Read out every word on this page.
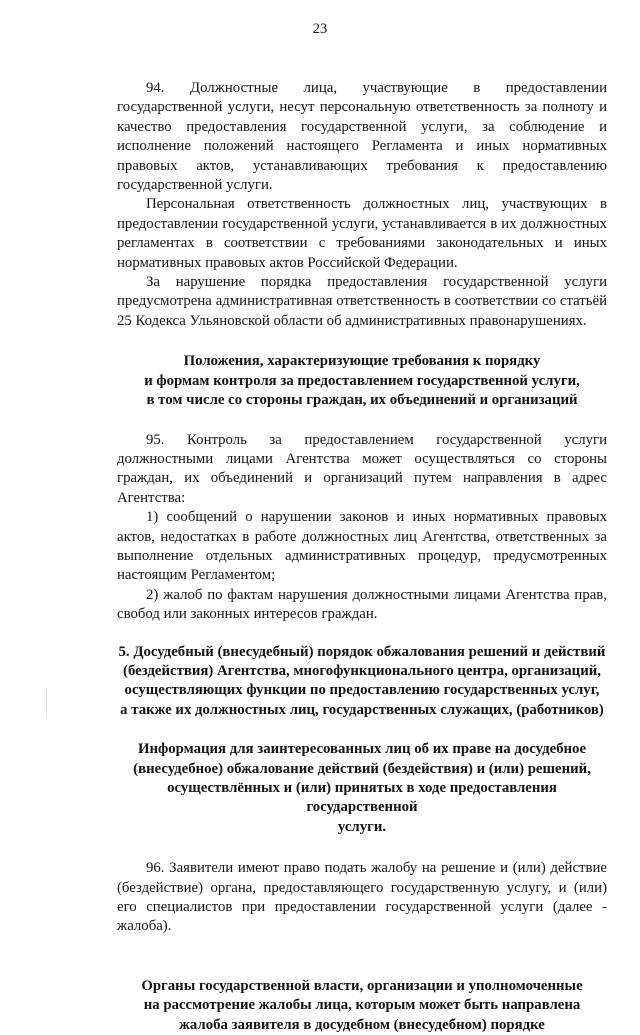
23

94. Должностные лица, участвующие в предоставлении государственной услуги, несут персональную ответственность за полноту и качество предоставления государственной услуги, за соблюдение и исполнение положений настоящего Регламента и иных нормативных правовых актов, устанавливающих требования к предоставлению государственной услуги.

Персональная ответственность должностных лиц, участвующих в предоставлении государственной услуги, устанавливается в их должностных регламентах в соответствии с требованиями законодательных и иных нормативных правовых актов Российской Федерации.

За нарушение порядка предоставления государственной услуги предусмотрена административная ответственность в соответствии со статьёй 25 Кодекса Ульяновской области об административных правонарушениях.

Положения, характеризующие требования к порядку
и формам контроля за предоставлением государственной услуги,
в том числе со стороны граждан, их объединений и организаций

95. Контроль за предоставлением государственной услуги должностными лицами Агентства может осуществляться со стороны граждан, их объединений и организаций путем направления в адрес Агентства:

1) сообщений о нарушении законов и иных нормативных правовых актов, недостатках в работе должностных лиц Агентства, ответственных за выполнение отдельных административных процедур, предусмотренных настоящим Регламентом;

2) жалоб по фактам нарушения должностными лицами Агентства прав, свобод или законных интересов граждан.

5. Досудебный (внесудебный) порядок обжалования решений и действий
(бездействия) Агентства, многофункционального центра, организаций,
осуществляющих функции по предоставлению государственных услуг,
а также их должностных лиц, государственных служащих, (работников)
Информация для заинтересованных лиц об их праве на досудебное
(внесудебное) обжалование действий (бездействия) и (или) решений,
осуществлённых и (или) принятых в ходе предоставления государственной
услуги.

96. Заявители имеют право подать жалобу на решение и (или) действие (бездействие) органа, предоставляющего государственную услугу, и (или) его специалистов при предоставлении государственной услуги (далее - жалоба).

Органы государственной власти, организации и уполномоченные
на рассмотрение жалобы лица, которым может быть направлена
жалоба заявителя в досудебном (внесудебном) порядке
